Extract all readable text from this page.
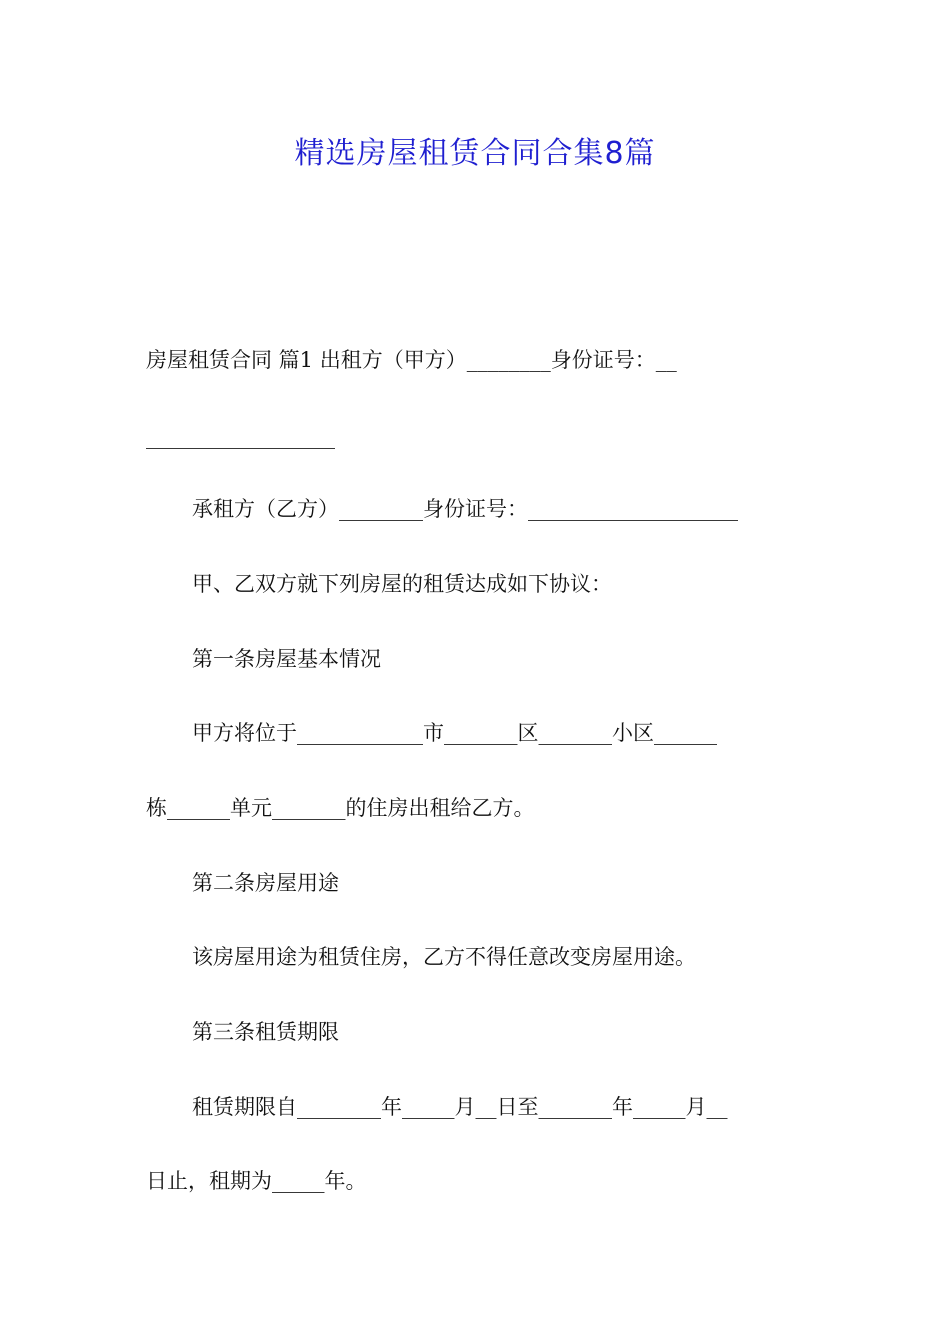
精选房屋租赁合同合集8篇
房屋租赁合同 篇1 出租方（甲方）________身份证号：__
__________________
承租方（乙方）________身份证号：____________________
甲、乙双方就下列房屋的租赁达成如下协议：
第一条房屋基本情况
甲方将位于____________市_______区_______小区______
栋______单元_______的住房出租给乙方。
第二条房屋用途
该房屋用途为租赁住房，乙方不得任意改变房屋用途。
第三条租赁期限
租赁期限自________年_____月__日至_______年_____月__
日止，租期为_____年。
